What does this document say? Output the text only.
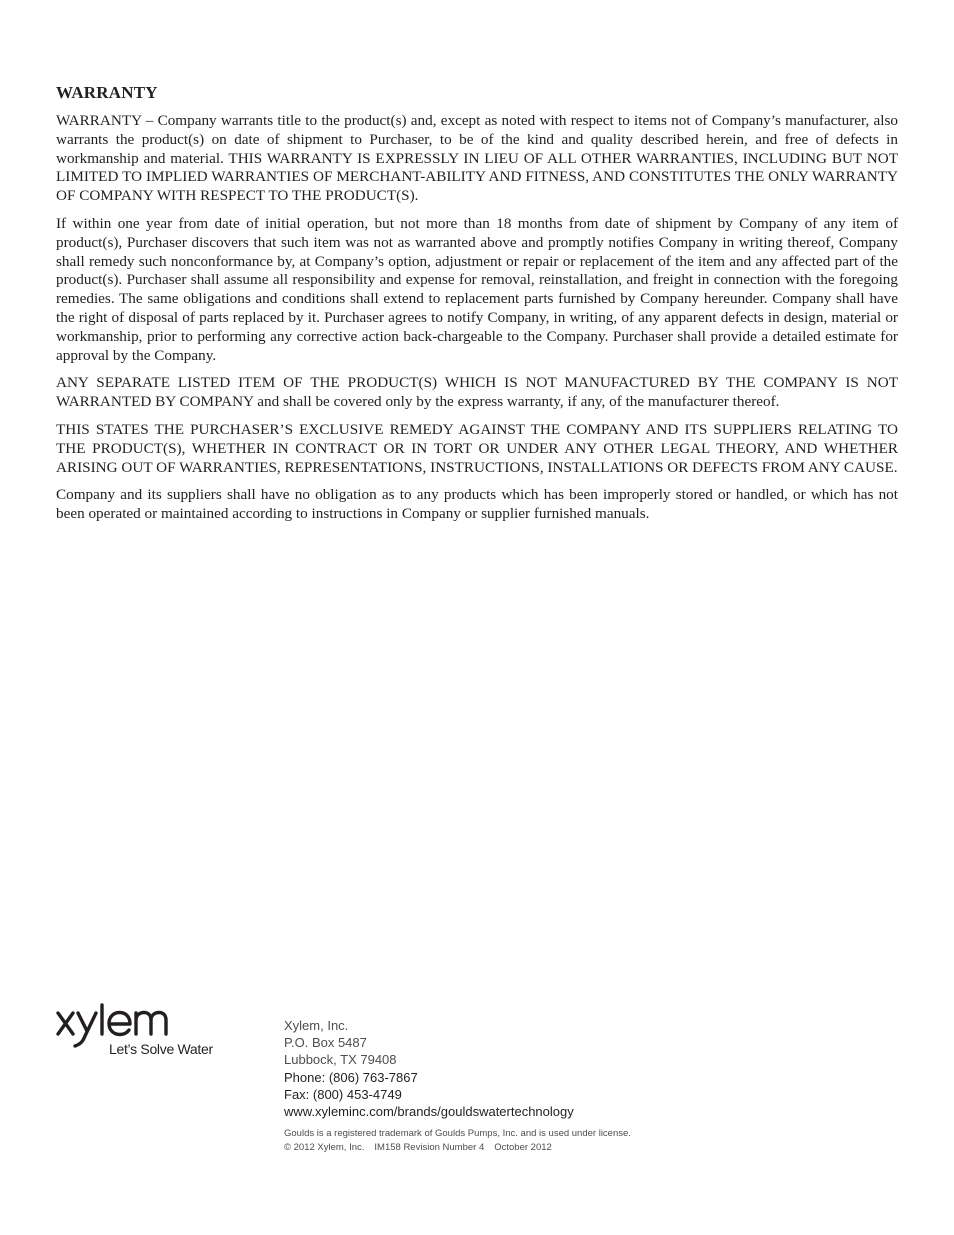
WARRANTY

WARRANTY – Company warrants title to the product(s) and, except as noted with respect to items not of Company’s manufacturer, also warrants the product(s) on date of shipment to Purchaser, to be of the kind and quality described herein, and free of defects in workmanship and material. THIS WARRANTY IS EXPRESSLY IN LIEU OF ALL OTHER WARRANTIES, INCLUDING BUT NOT LIMITED TO IMPLIED WARRANTIES OF MERCHANT-ABILITY AND FITNESS, AND CONSTITUTES THE ONLY WARRANTY OF COMPANY WITH RESPECT TO THE PRODUCT(S).

If within one year from date of initial operation, but not more than 18 months from date of shipment by Company of any item of product(s), Purchaser discovers that such item was not as warranted above and promptly notifies Company in writing thereof, Company shall remedy such nonconformance by, at Company’s option, adjustment or repair or replacement of the item and any affected part of the product(s). Purchaser shall assume all responsibility and expense for removal, reinstallation, and freight in connection with the foregoing remedies. The same obligations and conditions shall extend to replacement parts furnished by Company hereunder. Company shall have the right of disposal of parts replaced by it. Purchaser agrees to notify Company, in writing, of any apparent defects in design, material or workmanship, prior to performing any corrective action back-chargeable to the Company. Purchaser shall provide a detailed estimate for approval by the Company.

ANY SEPARATE LISTED ITEM OF THE PRODUCT(S) WHICH IS NOT MANUFACTURED BY THE COMPANY IS NOT WARRANTED BY COMPANY and shall be covered only by the express warranty, if any, of the manufacturer thereof.

THIS STATES THE PURCHASER’S EXCLUSIVE REMEDY AGAINST THE COMPANY AND ITS SUPPLIERS RELATING TO THE PRODUCT(S), WHETHER IN CONTRACT OR IN TORT OR UNDER ANY OTHER LEGAL THEORY, AND WHETHER ARISING OUT OF WARRANTIES, REPRESENTATIONS, INSTRUCTIONS, INSTALLATIONS OR DEFECTS FROM ANY CAUSE.

Company and its suppliers shall have no obligation as to any products which has been improperly stored or handled, or which has not been operated or maintained according to instructions in Company or supplier furnished manuals.

Let’s Solve Water
Xylem, Inc.
P.O. Box 5487
Lubbock, TX 79408
Phone: (806) 763-7867
Fax: (800) 453-4749
www.xyleminc.com/brands/gouldswatertechnology
Goulds is a registered trademark of Goulds Pumps, Inc. and is used under license.
© 2012 Xylem, Inc. IM158 Revision Number 4 October 2012
